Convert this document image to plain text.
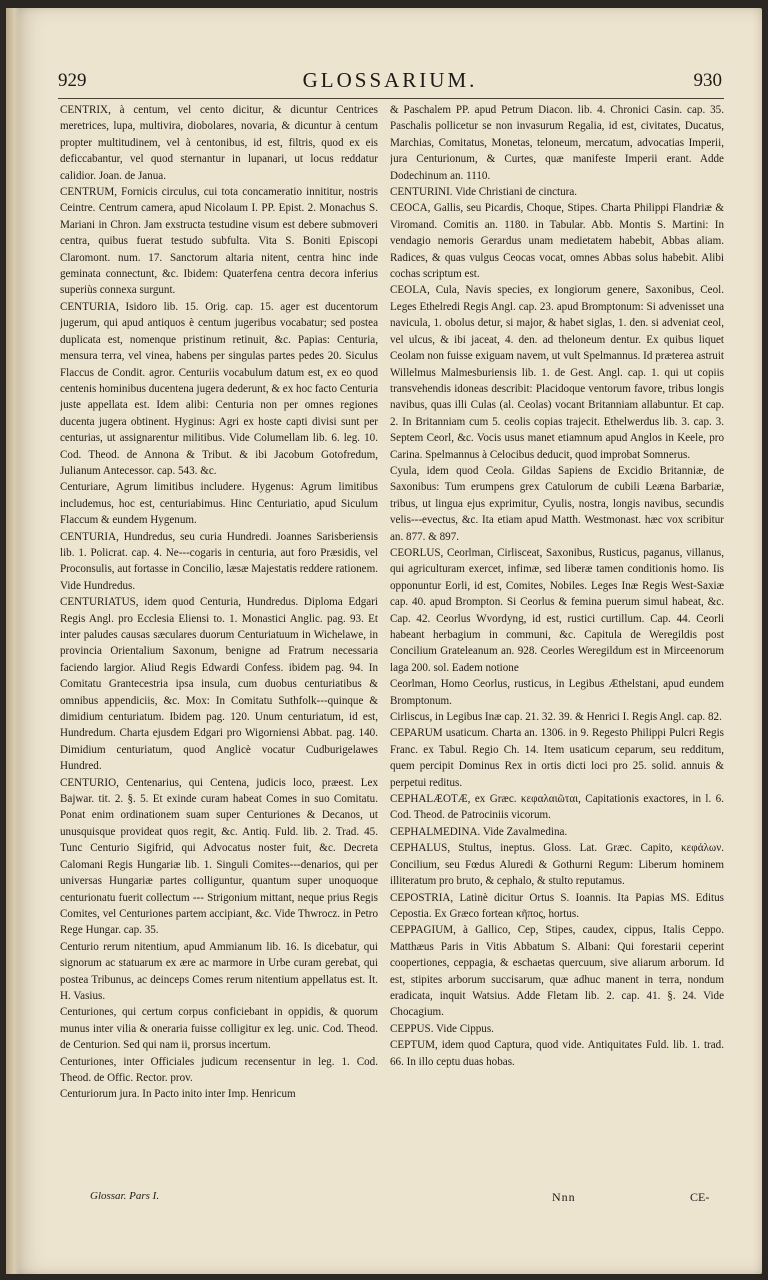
929	GLOSSARIUM.	930

CENTRIX, à centum, vel cento dicitur, & dicuntur Centrices meretrices, lupa, multivira, diobolares, novaria, & dicuntur à centum propter multitudinem, vel à centonibus, id est, filtris, quod ex eis deficcabantur, vel quod sternantur in lupanari, ut locus reddatur calidior. Joan. de Janua.

CENTRUM, Fornicis circulus, cui tota concameratio innititur, nostris Ceintre. Centrum camera, apud Nicolaum I. PP. Epist. 2. Monachus S. Mariani in Chron. Jam exstructa testudine visum est debere submoveri centra, quibus fuerat testudo subfulta. Vita S. Boniti Episcopi Claromont. num. 17. Sanctorum altaria nitent, centra hinc inde geminata connectunt, &c. Ibidem: Quaterfena centra decora inferius superiùs connexa surgunt.

CENTURIA, Isidoro lib. 15. Orig. cap. 15. ager est ducentorum jugerum, qui apud antiquos è centum jugeribus vocabatur; sed postea duplicata est, nomenque pristinum retinuit, &c. Papias: Centuria, mensura terra, vel vinea, habens per singulas partes pedes 20. Siculus Flaccus de Condit. agror. Centuriis vocabulum datum est, ex eo quod centenis hominibus ducentena jugera dederunt, & ex hoc facto Centuria juste appellata est. Idem alibi: Centuria non per omnes regiones ducenta jugera obtinent. Hyginus: Agri ex hoste capti divisi sunt per centurias, ut assignarentur militibus. Vide Columellam lib. 6. leg. 10. Cod. Theod. de Annona & Tribut. & ibi Jacobum Gotofredum, Julianum Antecessor. cap. 543. &c.

Centuriare, Agrum limitibus includere. Hygenus: Agrum limitibus includemus, hoc est, centuriabimus. Hinc Centuriatio, apud Siculum Flaccum & eundem Hygenum.

CENTURIA, Hundredus, seu curia Hundredi. Joannes Sarisberiensis lib. 1. Policrat. cap. 4. Ne---cogaris in centuria, aut foro Præsidis, vel Proconsulis, aut fortasse in Concilio, læsæ Majestatis reddere rationem. Vide Hundredus.

CENTURIATUS, idem quod Centuria, Hundredus. Diploma Edgari Regis Angl. pro Ecclesia Eliensi to. 1. Monastici Anglic. pag. 93. Et inter paludes causas sæculares duorum Centuriatuum in Wichelawe, in provincia Orientalium Saxonum, benigne ad Fratrum necessaria faciendo largior. Aliud Regis Edwardi Confess. ibidem pag. 94. In Comitatu Grantecestria ipsa insula, cum duobus centuriatibus & omnibus appendiciis, &c. Mox: In Comitatu Suthfolk---quinque & dimidium centuriatum. Ibidem pag. 120. Unum centuriatum, id est, Hundredum. Charta ejusdem Edgari pro Wigorniensi Abbat. pag. 140. Dimidium centuriatum, quod Anglicè vocatur Cudburigelawes Hundred.

CENTURIO, Centenarius, qui Centena, judicis loco, præest. Lex Bajwar. tit. 2. §. 5. Et exinde curam habeat Comes in suo Comitatu. Ponat enim ordinationem suam super Centuriones & Decanos, ut unusquisque provideat quos regit, &c. Antiq. Fuld. lib. 2. Trad. 45. Tunc Centurio Sigifrid, qui Advocatus noster fuit, &c. Decreta Calomani Regis Hungariæ lib. 1. Singuli Comites---denarios, qui per universas Hungariæ partes colliguntur, quantum super unoquoque centurionatu fuerit collectum --- Strigonium mittant, neque prius Regis Comites, vel Centuriones partem accipiant, &c. Vide Thwrocz. in Petro Rege Hungar. cap. 35.

Centurio rerum nitentium, apud Ammianum lib. 16. Is dicebatur, qui signorum ac statuarum ex ære ac marmore in Urbe curam gerebat, qui postea Tribunus, ac deinceps Comes rerum nitentium appellatus est. It. H. Vasius.

Centuriones, qui certum corpus conficiebant in oppidis, & quorum munus inter vilia & oneraria fuisse colligitur ex leg. unic. Cod. Theod. de Centurion. Sed qui nam ii, prorsus incertum.

Centuriones, inter Officiales judicum recensentur in leg. 1. Cod. Theod. de Offic. Rector. prov.

Centuriorum jura. In Pacto inito inter Imp. Henricum

& Paschalem PP. apud Petrum Diacon. lib. 4. Chronici Casin. cap. 35. Paschalis pollicetur se non invasurum Regalia, id est, civitates, Ducatus, Marchias, Comitatus, Monetas, teloneum, mercatum, advocatias Imperii, jura Centurionum, & Curtes, quæ manifeste Imperii erant. Adde Dodechinum an. 1110.

CENTURINI. Vide Christiani de cinctura.

CEOCA, Gallis, seu Picardis, Choque, Stipes. Charta Philippi Flandriæ & Viromand. Comitis an. 1180. in Tabular. Abb. Montis S. Martini: In vendagio nemoris Gerardus unam medietatem habebit, Abbas aliam. Radices, & quas vulgus Ceocas vocat, omnes Abbas solus habebit. Alibi cochas scriptum est.

CEOLA, Cula, Navis species, ex longiorum genere, Saxonibus, Ceol. Leges Ethelredi Regis Angl. cap. 23. apud Bromptonum: Si advenisset una navicula, 1. obolus detur, si major, & habet siglas, 1. den. si adveniat ceol, vel ulcus, & ibi jaceat, 4. den. ad theloneum dentur. Ex quibus liquet Ceolam non fuisse exiguam navem, ut vult Spelmannus. Id præterea astruit Willelmus Malmesburiensis lib. 1. de Gest. Angl. cap. 1. qui ut copiis transvehendis idoneas describit: Placidoque ventorum favore, tribus longis navibus, quas illi Culas (al. Ceolas) vocant Britanniam allabuntur. Et cap. 2. In Britanniam cum 5. ceolis copias trajecit. Ethelwerdus lib. 3. cap. 3. Septem Ceorl, &c. Vocis usus manet etiamnum apud Anglos in Keele, pro Carina. Spelmannus à Celocibus deducit, quod improbat Somnerus.

Cyula, idem quod Ceola. Gildas Sapiens de Excidio Britanniæ, de Saxonibus: Tum erumpens grex Catulorum de cubili Leæna Barbariæ, tribus, ut lingua ejus exprimitur, Cyulis, nostra, longis navibus, secundis velis---evectus, &c. Ita etiam apud Matth. Westmonast. hæc vox scribitur an. 877. & 897.

CEORLUS, Ceorlman, Cirlisceat, Saxonibus, Rusticus, paganus, villanus, qui agriculturam exercet, infimæ, sed liberæ tamen conditionis homo. Iis opponuntur Eorli, id est, Comites, Nobiles. Leges Inæ Regis West-Saxiæ cap. 40. apud Brompton. Si Ceorlus & femina puerum simul habeat, &c. Cap. 42. Ceorlus Wvordyng, id est, rustici curtillum. Cap. 44. Ceorli habeant herbagium in communi, &c. Capitula de Weregildis post Concilium Grateleanum an. 928. Ceorles Weregildum est in Mirceenorum laga 200. sol. Eadem notione

Ceorlman, Homo Ceorlus, rusticus, in Legibus Æthelstani, apud eundem Bromptonum.

Cirliscus, in Legibus Inæ cap. 21. 32. 39. & Henrici I. Regis Angl. cap. 82.

CEPARUM usaticum. Charta an. 1306. in 9. Regesto Philippi Pulcri Regis Franc. ex Tabul. Regio Ch. 14. Item usaticum ceparum, seu redditum, quem percipit Dominus Rex in ortis dicti loci pro 25. solid. annuis & perpetui reditus.

CEPHALÆOTÆ, ex Græc. κεφαλαιῶται, Capitationis exactores, in l. 6. Cod. Theod. de Patrociniis vicorum.

CEPHALMEDINA. Vide Zavalmedina.

CEPHALUS, Stultus, ineptus. Gloss. Lat. Græc. Capito, κεφάλων. Concilium, seu Fœdus Aluredi & Gothurni Regum: Liberum hominem illiteratum pro bruto, & cephalo, & stulto reputamus.

CEPOSTRIA, Latinè dicitur Ortus S. Ioannis. Ita Papias MS. Editus Cepostia. Ex Græco fortean κῆπος, hortus.

CEPPAGIUM, à Gallico, Cep, Stipes, caudex, cippus, Italis Ceppo. Matthæus Paris in Vitis Abbatum S. Albani: Qui forestarii ceperint coopertiones, ceppagia, & eschaetas quercuum, sive aliarum arborum. Id est, stipites arborum succisarum, quæ adhuc manent in terra, nondum eradicata, inquit Watsius. Adde Fletam lib. 2. cap. 41. §. 24. Vide Chocagium.

CEPPUS. Vide Cippus.

CEPTUM, idem quod Captura, quod vide. Antiquitates Fuld. lib. 1. trad. 66. In illo ceptu duas hobas.

Glossar. Pars I.	Nnn	CE-
